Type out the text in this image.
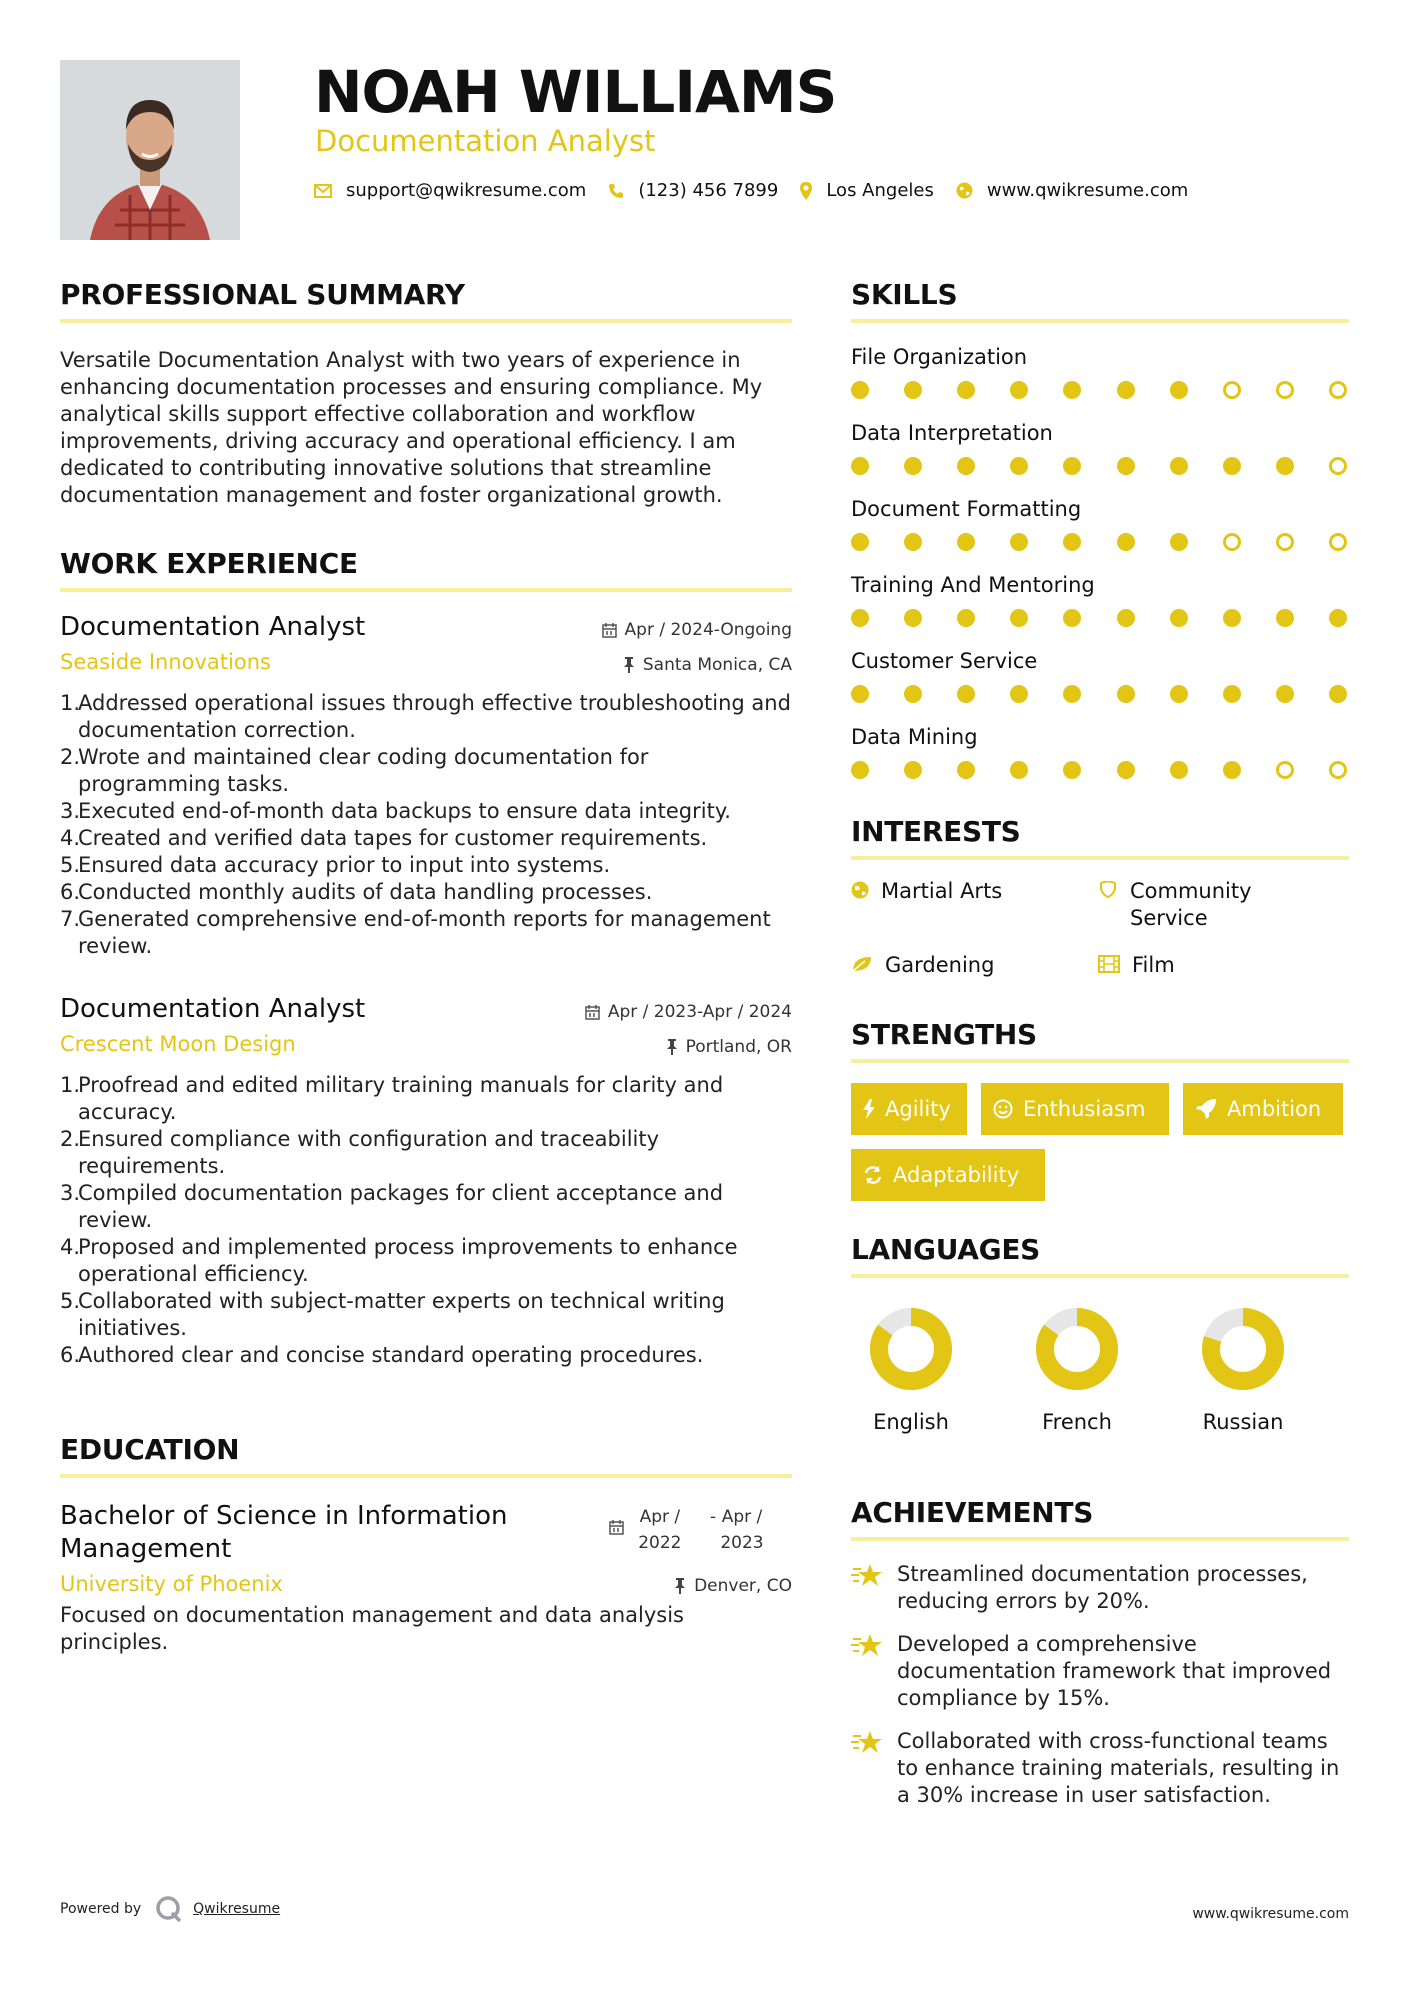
NOAH WILLIAMS
Documentation Analyst
support@qwikresume.com	(123) 456 7899	Los Angeles	www.qwikresume.com
PROFESSIONAL SUMMARY

Versatile Documentation Analyst with two years of experience in enhancing documentation processes and ensuring compliance. My analytical skills support effective collaboration and workflow improvements, driving accuracy and operational efficiency. I am dedicated to contributing innovative solutions that streamline documentation management and foster organizational growth.

WORK EXPERIENCE
Documentation Analyst	Apr / 2024-Ongoing
Seaside Innovations	Santa Monica, CA
1.
Addressed operational issues through effective troubleshooting and documentation correction.
2.
Wrote and maintained clear coding documentation for programming tasks.
3.
Executed end-of-month data backups to ensure data integrity.
4.
Created and verified data tapes for customer requirements.
5.
Ensured data accuracy prior to input into systems.
6.
Conducted monthly audits of data handling processes.
7.
Generated comprehensive end-of-month reports for management review.
Documentation Analyst	Apr / 2023-Apr / 2024
Crescent Moon Design	Portland, OR
1.
Proofread and edited military training manuals for clarity and accuracy.
2.
Ensured compliance with configuration and traceability requirements.
3.
Compiled documentation packages for client acceptance and review.
4.
Proposed and implemented process improvements to enhance operational efficiency.
5.
Collaborated with subject-matter experts on technical writing initiatives.
6.
Authored clear and concise standard operating procedures.
EDUCATION
Bachelor of Science in Information Management
Apr / 2022
- Apr / 2023
University of Phoenix	Denver, CO

Focused on documentation management and data analysis principles.

SKILLS
File Organization
Data Interpretation
Document Formatting
Training And Mentoring
Customer Service
Data Mining
INTERESTS
Martial Arts	Community Service
Gardening	Film
STRENGTHS
Agility	Enthusiasm	Ambition
Adaptability
LANGUAGES
English	French	Russian
ACHIEVEMENTS
Streamlined documentation processes, reducing errors by 20%.
Developed a comprehensive documentation framework that improved compliance by 15%.
Collaborated with cross-functional teams to enhance training materials, resulting in a 30% increase in user satisfaction.
Powered by	Qwikresume	www.qwikresume.com
